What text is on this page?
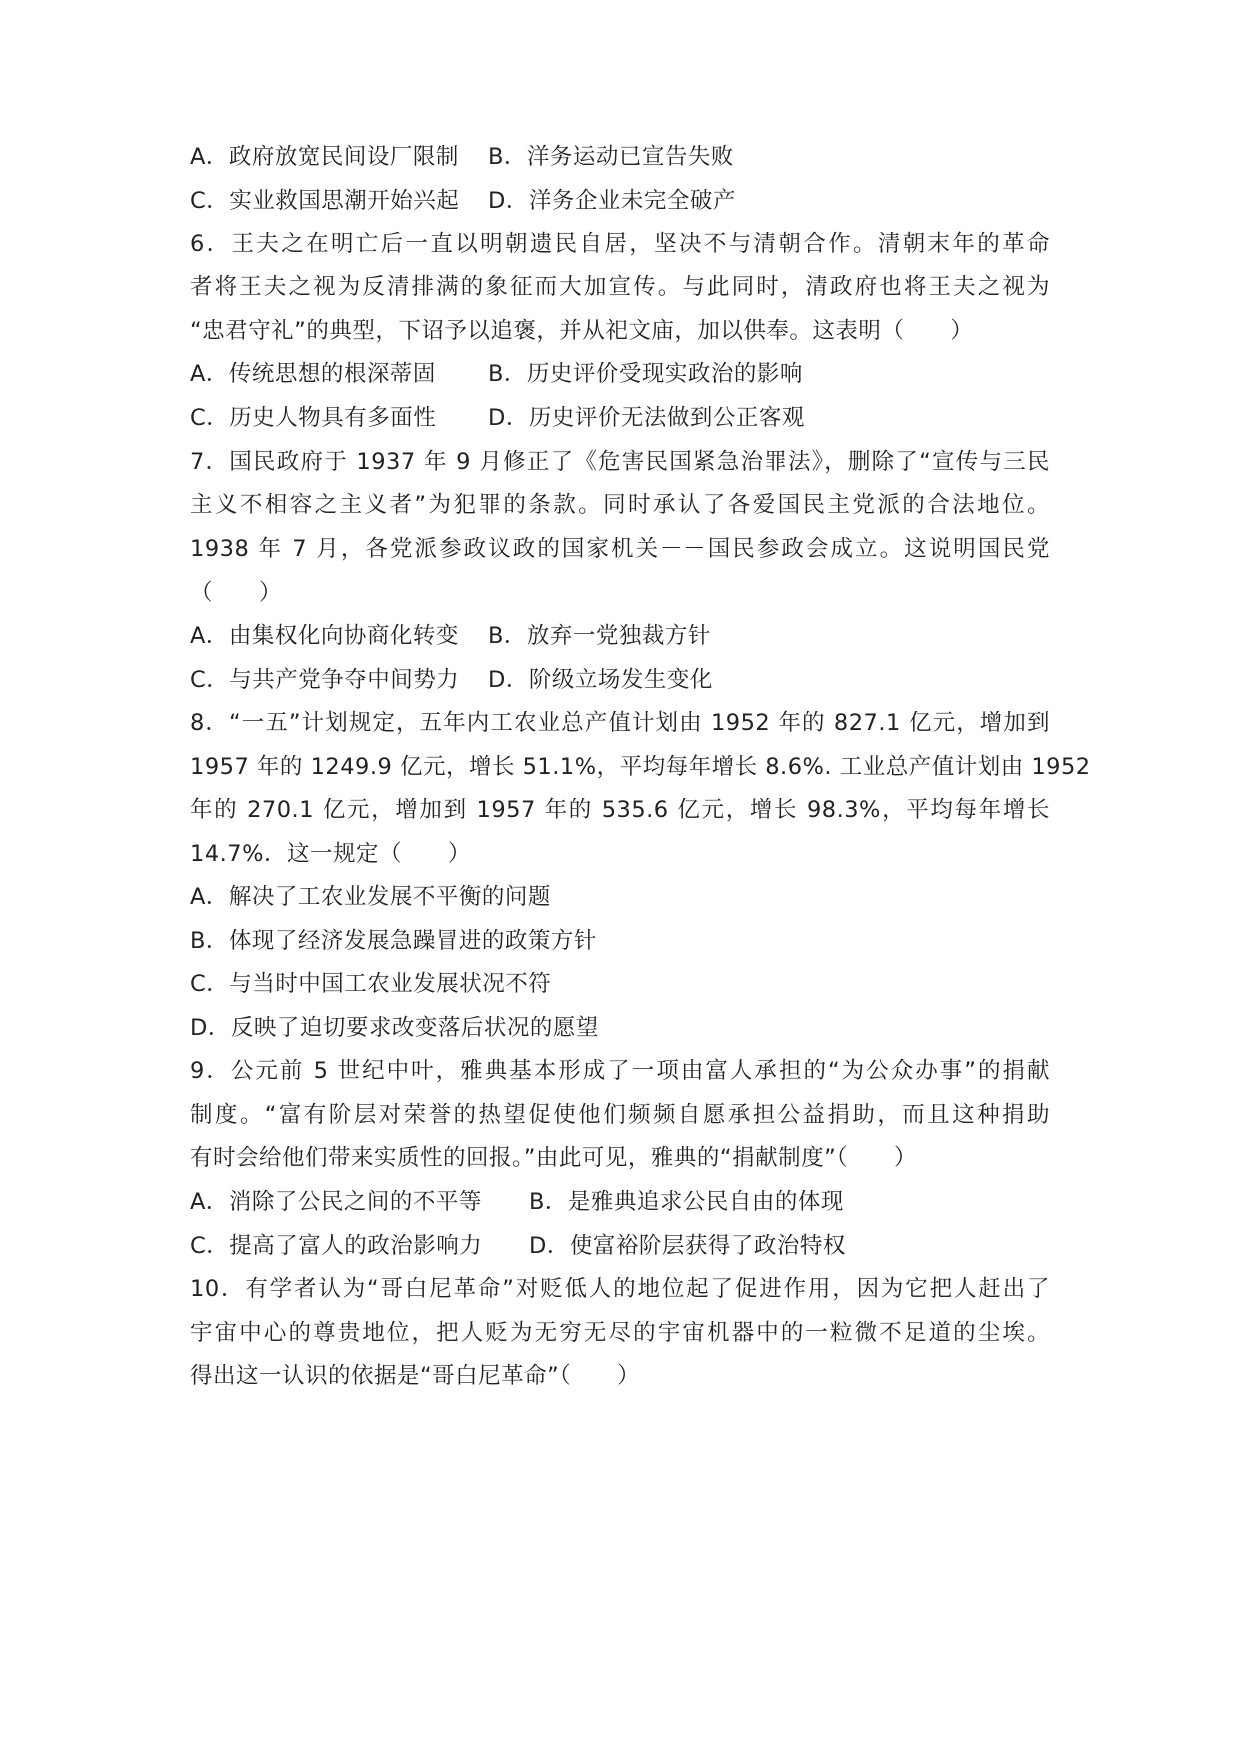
A．政府放宽民间设厂限制 B．洋务运动已宣告失败
C．实业救国思潮开始兴起 D．洋务企业未完全破产
6．王夫之在明亡后一直以明朝遗民自居，坚决不与清朝合作。清朝末年的革命
者将王夫之视为反清排满的象征而大加宣传。与此同时，清政府也将王夫之视为
“忠君守礼”的典型，下诏予以追褒，并从祀文庙，加以供奉。这表明（　　）
A．传统思想的根深蒂固 B．历史评价受现实政治的影响
C．历史人物具有多面性 D．历史评价无法做到公正客观
7．国民政府于 1937 年 9 月修正了《危害民国紧急治罪法》，删除了“宣传与三民
主义不相容之主义者”为犯罪的条款。同时承认了各爱国民主党派的合法地位。
1938 年 7 月，各党派参政议政的国家机关－－国民参政会成立。这说明国民党
（　　）
A．由集权化向协商化转变 B．放弃一党独裁方针
C．与共产党争夺中间势力 D．阶级立场发生变化
8．“一五”计划规定，五年内工农业总产值计划由 1952 年的 827.1 亿元，增加到
1957 年的 1249.9 亿元，增长 51.1%，平均每年增长 8.6%. 工业总产值计划由 1952
年的 270.1 亿元，增加到 1957 年的 535.6 亿元，增长 98.3%，平均每年增长
14.7%．这一规定（　　）
A．解决了工农业发展不平衡的问题
B．体现了经济发展急躁冒进的政策方针
C．与当时中国工农业发展状况不符
D．反映了迫切要求改变落后状况的愿望
9．公元前 5 世纪中叶，雅典基本形成了一项由富人承担的“为公众办事”的捐献
制度。“富有阶层对荣誉的热望促使他们频频自愿承担公益捐助，而且这种捐助
有时会给他们带来实质性的回报。”由此可见，雅典的“捐献制度”（　　）
A．消除了公民之间的不平等 B．是雅典追求公民自由的体现
C．提高了富人的政治影响力 D．使富裕阶层获得了政治特权
10．有学者认为“哥白尼革命”对贬低人的地位起了促进作用，因为它把人赶出了
宇宙中心的尊贵地位，把人贬为无穷无尽的宇宙机器中的一粒微不足道的尘埃。
得出这一认识的依据是“哥白尼革命”（　　）
